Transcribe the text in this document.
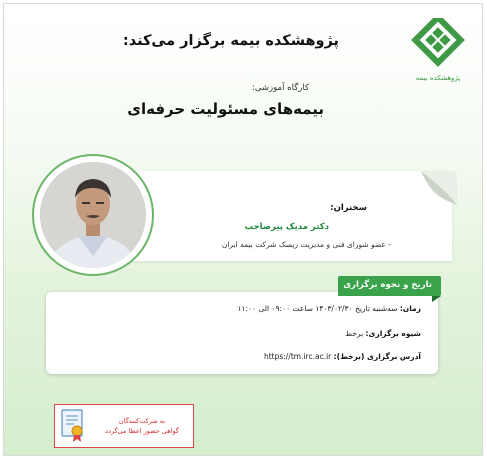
پژوهشکده بیمه
پژوهشکده بیمه برگزار می‌کند:
کارگاه آموزشی:
بیمه‌های مسئولیت حرفه‌ای
سخنران:
دکتر مدیک پیرصاحب
- عضو شورای فنی و مدیریت ریسک شرکت بیمه ایران
تاریخ و نحوه برگزاری
زمان: سه‌شنبه تاریخ ۱۴۰۳/۰۲/۳۰ ساعت ۰۹:۰۰ الی ۱۱:۰۰
شیوه برگزاری: برخط
آدرس برگزاری (برخط): https://tm.irc.ac.ir
به شرکت‌کنندگان
گواهی حضور اعطا می‌گردد
